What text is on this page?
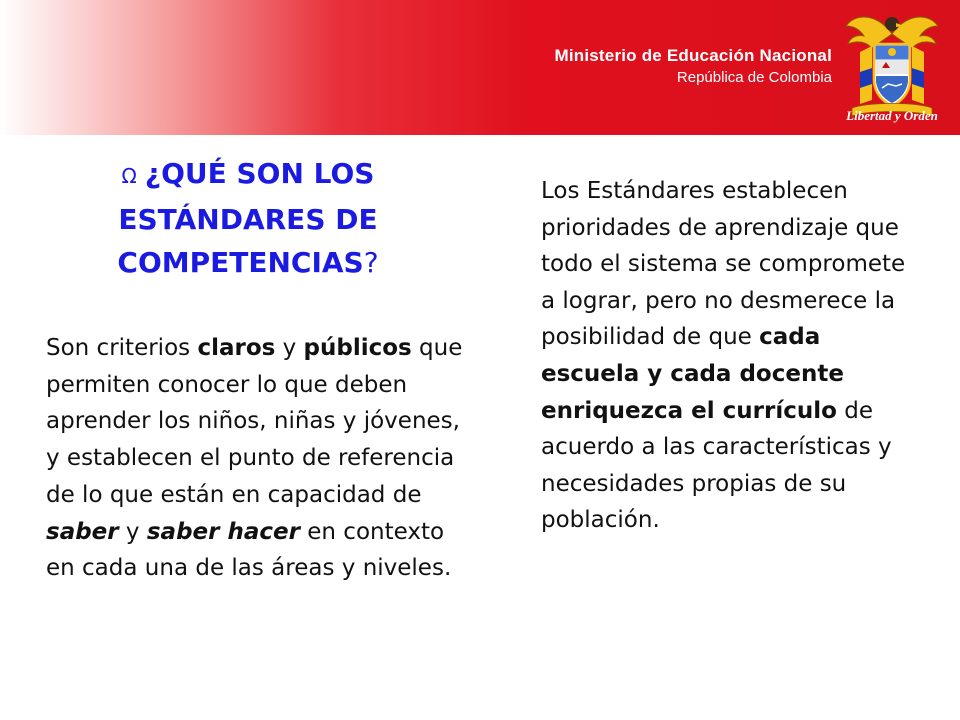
Ministerio de Educación Nacional
República de Colombia
Libertad y Orden
Ω ¿QUÉ SON LOS
ESTÁNDARES DE
COMPETENCIAS?
Son criterios claros y públicos que permiten conocer lo que deben aprender los niños, niñas y jóvenes, y establecen el punto de referencia de lo que están en capacidad de saber y saber hacer en contexto en cada una de las áreas y niveles.
Los Estándares establecen prioridades de aprendizaje que todo el sistema se compromete a lograr, pero no desmerece la posibilidad de que cada escuela y cada docente enriquezca el currículo de acuerdo a las características y necesidades propias de su población.
